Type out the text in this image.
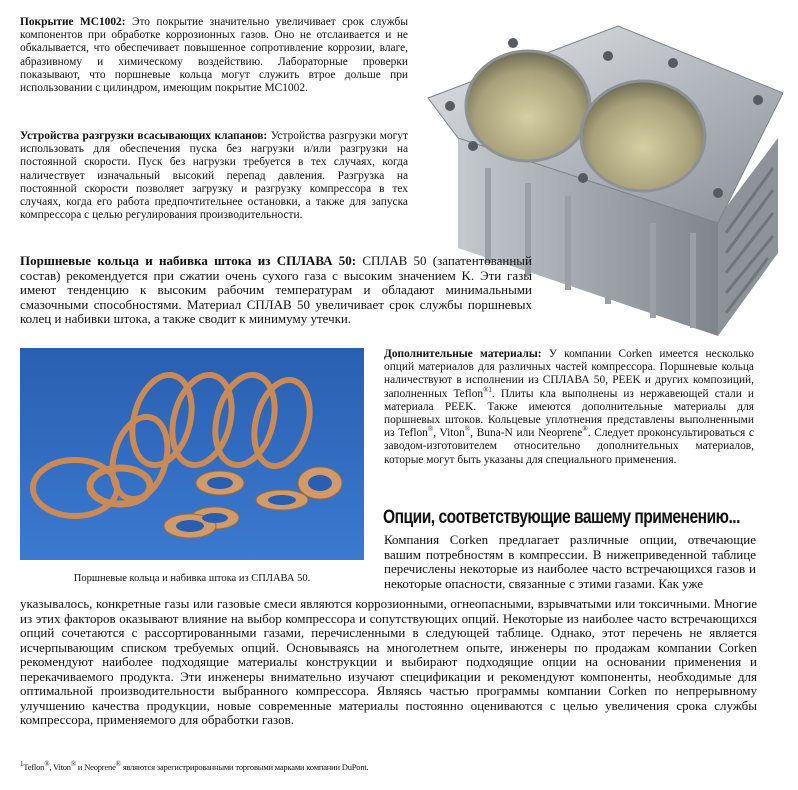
Покрытие MC1002: Это покрытие значительно увеличивает срок службы компонентов при обработке коррозионных газов. Оно не отслаивается и не обкалывается, что обеспечивает повышенное сопротивление коррозии, влаге, абразивному и химическому воздействию. Лабораторные проверки показывают, что поршневые кольца могут служить втрое дольше при использовании с цилиндром, имеющим покрытие MC1002.

Устройства разгрузки всасывающих клапанов: Устройства разгрузки могут использовать для обеспечения пуска без нагрузки и/или разгрузки на постоянной скорости. Пуск без нагрузки требуется в тех случаях, когда наличествует изначальный высокий перепад давления. Разгрузка на постоянной скорости позволяет загрузку и разгрузку компрессора в тех случаях, когда его работа предпочтительнее остановки, а также для запуска компрессора с целью регулирования производительности.

Поршневые кольца и набивка штока из СПЛАВА 50: СПЛАВ 50 (запатентованный состав) рекомендуется при сжатии очень сухого газа с высоким значением K. Эти газы имеют тенденцию к высоким рабочим температурам и обладают минимальными смазочными способностями. Материал СПЛАВ 50 увеличивает срок службы поршневых колец и набивки штока, а также сводит к минимуму утечки.

Поршневые кольца и набивка штока из СПЛАВА 50.

Дополнительные материалы: У компании Corken имеется несколько опций материалов для различных частей компрессора. Поршневые кольца наличествуют в исполнении из СПЛАВА 50, PEEK и других композиций, заполненных Teflon$^{®1}$. Плиты кла выполнены из нержавеющей стали и материала PEEK. Также имеются дополнительные материалы для поршневых штоков. Кольцевые уплотнения представлены выполненными из Teflon®, Viton®, Buna-N или Neoprene®. Следует проконсультироваться с заводом-изготовителем относительно дополнительных материалов, которые могут быть указаны для специального применения.

Опции, соответствующие вашему применению...

Компания Corken предлагает различные опции, отвечающие вашим потребностям в компрессии. В нижеприведенной таблице перечислены некоторые из наиболее часто встречающихся газов и некоторые опасности, связанные с этими газами. Как уже

указывалось, конкретные газы или газовые смеси являются коррозионными, огнеопасными, взрывчатыми или токсичными. Многие из этих факторов оказывают влияние на выбор компрессора и сопутствующих опций. Некоторые из наиболее часто встречающихся опций сочетаются с рассортированными газами, перечисленными в следующей таблице. Однако, этот перечень не является исчерпывающим списком требуемых опций. Основываясь на многолетнем опыте, инженеры по продажам компании Corken рекомендуют наиболее подходящие материалы конструкции и выбирают подходящие опции на основании применения и перекачиваемого продукта. Эти инженеры внимательно изучают спецификации и рекомендуют компоненты, необходимые для оптимальной производительности выбранного компрессора. Являясь частью программы компании Corken по непрерывному улучшению качества продукции, новые современные материалы постоянно оцениваются с целью увеличения срока службы компрессора, применяемого для обработки газов.

$^1$Teflon®, Viton® и Neoprene® являются зарегистрированными торговыми марками компании DuPont.
